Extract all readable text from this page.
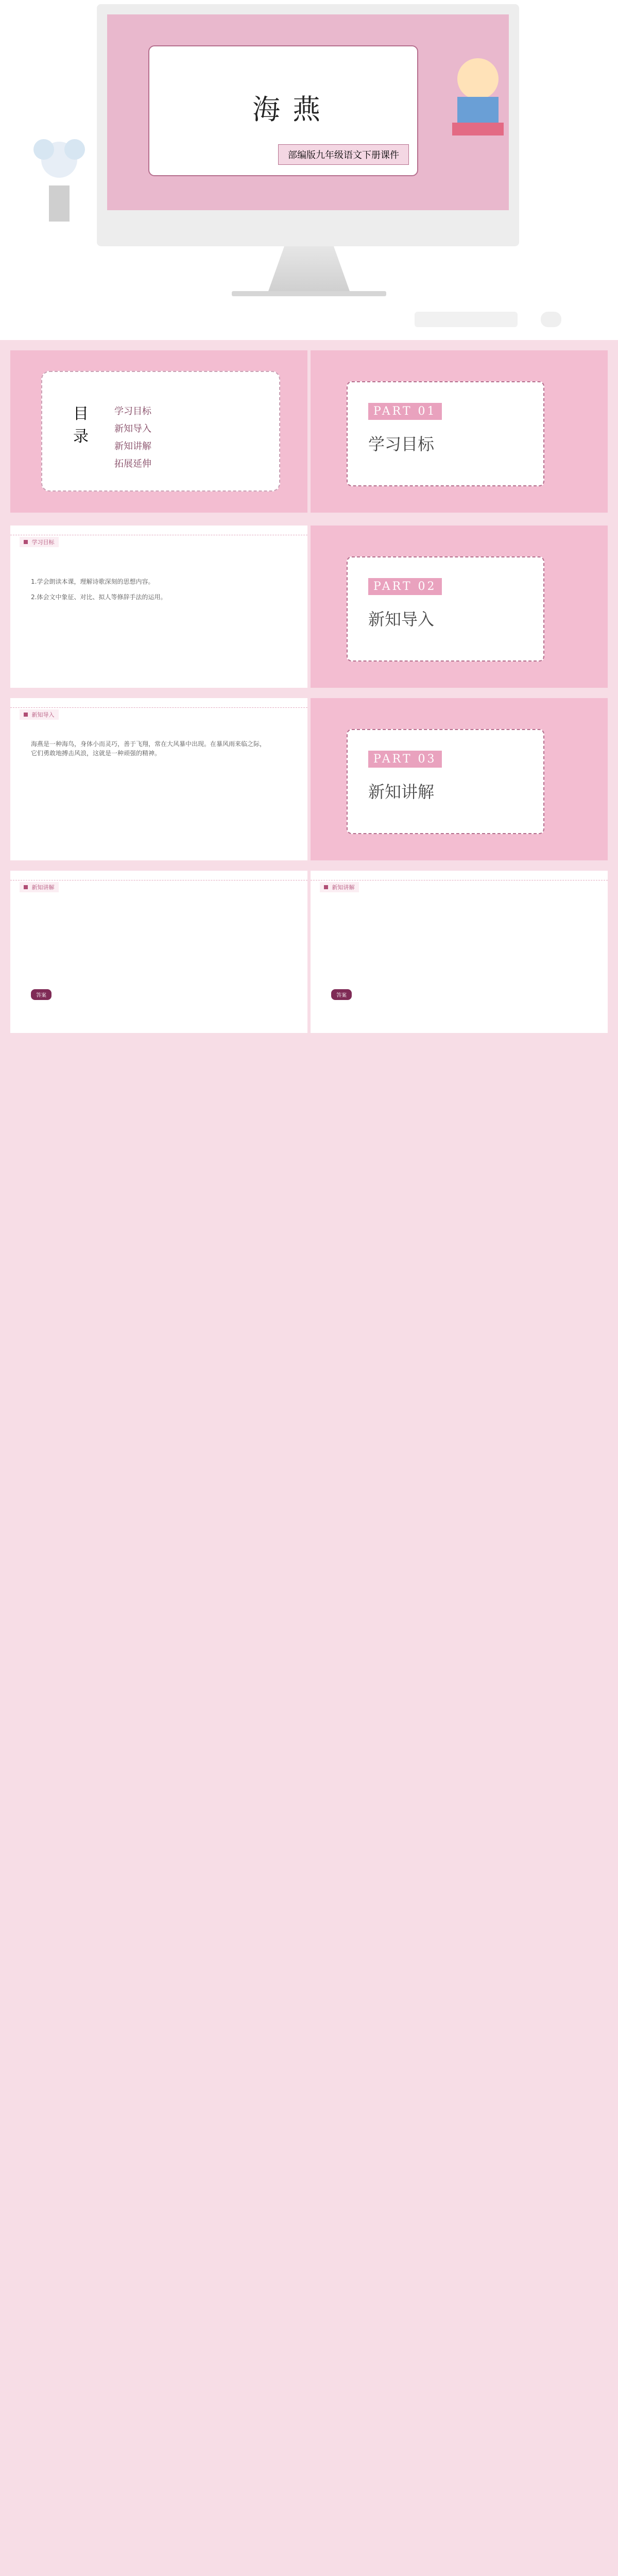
海燕
部编版九年级语文下册课件
目录
学习目标
新知导入
新知讲解
拓展延伸
PART 01
学习目标
学习目标
1.学会朗读本课，理解诗歌深刻的思想内容。
2.体会文中象征、对比、拟人等修辞手法的运用。
PART 02
新知导入
新知导入
海燕是一种海鸟，身体小而灵巧，善于飞翔，常在大风暴中出现。在暴风雨来临之际，它们勇敢地搏击风浪，这就是一种顽强的精神。	PART 03
新知讲解
新知讲解
答案
新知讲解
答案
